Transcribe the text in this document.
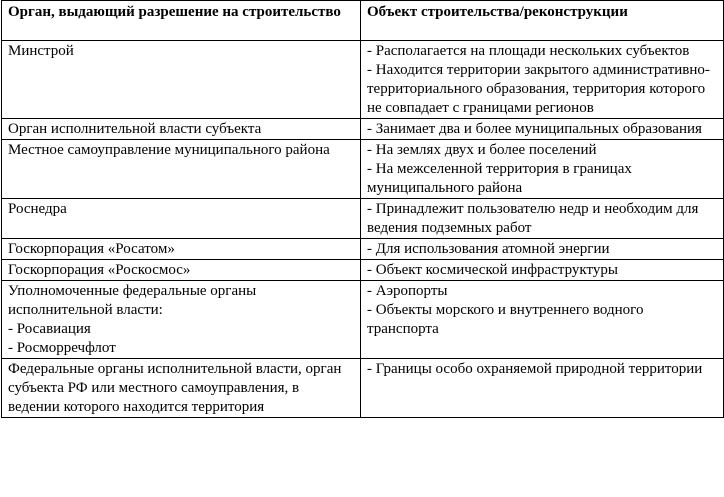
Орган, выдающий разрешение на строительство	Объект строительства/реконструкции

Минстрой	- Располагается на площади нескольких субъектов
- Находится территории закрытого административно-территориального образования, территория которого не совпадает с границами регионов

Орган исполнительной власти субъекта	- Занимает два и более муниципальных образования

Местное самоуправление муниципального района	- На землях двух и более поселений
- На межселенной территория в границах муниципального района

Роснедра	- Принадлежит пользователю недр и необходим для ведения подземных работ

Госкорпорация «Росатом»	- Для использования атомной энергии

Госкорпорация «Роскосмос»	- Объект космической инфраструктуры

Уполномоченные федеральные органы исполнительной власти:
- Росавиация
- Росморречфлот	- Аэропорты
- Объекты морского и внутреннего водного транспорта

Федеральные органы исполнительной власти, орган субъекта РФ или местного самоуправления, в ведении которого находится территория	- Границы особо охраняемой природной территории
